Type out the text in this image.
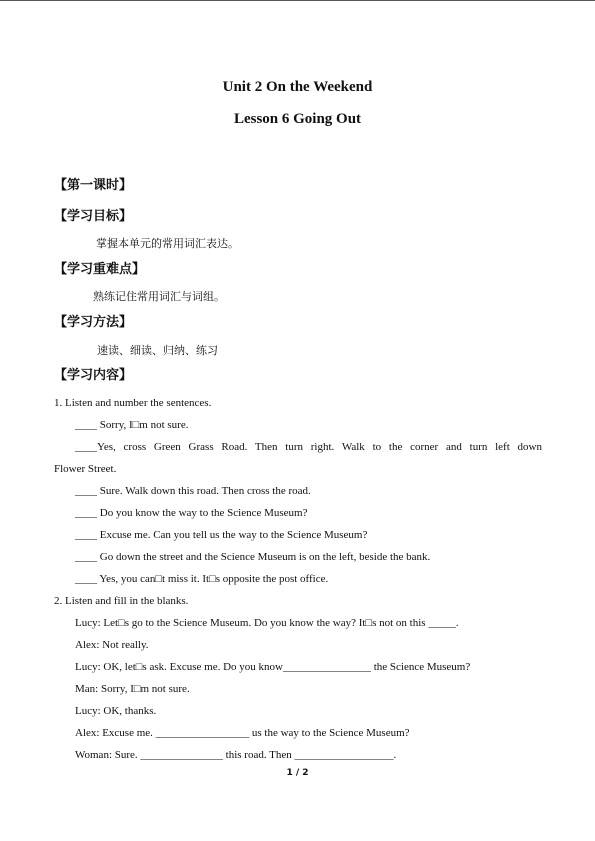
Unit 2 On the Weekend
Lesson 6 Going Out
【第一课时】
【学习目标】
掌握本单元的常用词汇表达。
【学习重难点】
熟练记住常用词汇与词组。
【学习方法】
速读、细读、归纳、练习
【学习内容】
1. Listen and number the sentences.
____ Sorry, I□m not sure.
____Yes, cross Green Grass Road. Then turn right. Walk to the corner and turn left down
Flower Street.
____ Sure. Walk down this road. Then cross the road.
____ Do you know the way to the Science Museum?
____ Excuse me. Can you tell us the way to the Science Museum?
____ Go down the street and the Science Museum is on the left, beside the bank.
____ Yes, you can□t miss it. It□s opposite the post office.
2. Listen and fill in the blanks.
Lucy: Let□s go to the Science Museum. Do you know the way? It□s not on this _____.
Alex: Not really.
Lucy: OK, let□s ask. Excuse me. Do you know________________ the Science Museum?
Man: Sorry, I□m not sure.
Lucy: OK, thanks.
Alex: Excuse me. _________________ us the way to the Science Museum?
Woman: Sure. _______________ this road. Then __________________.
1 / 2
